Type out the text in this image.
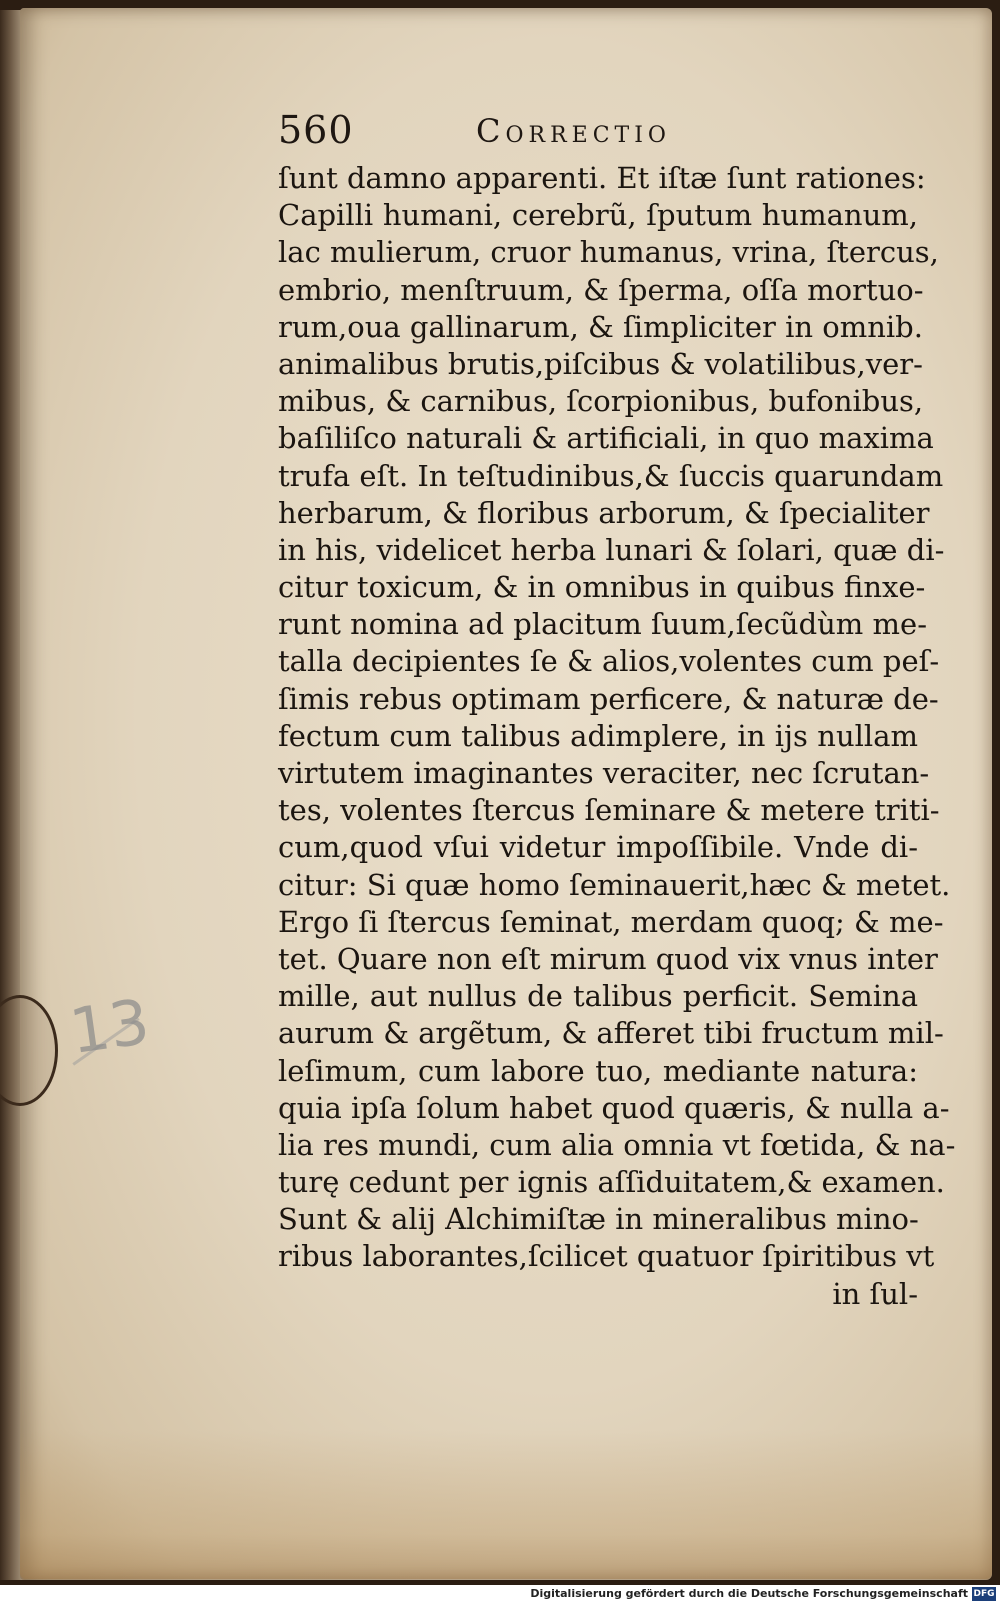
560	Correctio
ſunt damno apparenti. Et iſtæ ſunt rationes:
Capilli humani, cerebrũ, ſputum humanum,
lac mulierum, cruor humanus, vrina, ſtercus,
embrio, menſtruum, & ſperma, oſſa mortuo-
rum,oua gallinarum, & ſimpliciter in omnib.
animalibus brutis,piſcibus & volatilibus,ver-
mibus, & carnibus, ſcorpionibus, bufonibus,
baſiliſco naturali & artificiali, in quo maxima
trufa eſt. In teſtudinibus,& ſuccis quarundam
herbarum, & floribus arborum, & ſpecialiter
in his, videlicet herba lunari & ſolari, quæ di-
citur toxicum, & in omnibus in quibus finxe-
runt nomina ad placitum ſuum,ſecũdùm me-
talla decipientes ſe & alios,volentes cum peſ-
ſimis rebus optimam perficere, & naturæ de-
fectum cum talibus adimplere, in ijs nullam
virtutem imaginantes veraciter, nec ſcrutan-
tes, volentes ſtercus ſeminare & metere triti-
cum,quod vſui videtur impoſſibile. Vnde di-
citur: Si quæ homo ſeminauerit,hæc & metet.
Ergo ſi ſtercus ſeminat, merdam quoq; & me-
tet. Quare non eſt mirum quod vix vnus inter
mille, aut nullus de talibus perficit. Semina
aurum & argẽtum, & afferet tibi fructum mil-
leſimum, cum labore tuo, mediante natura:
quia ipſa ſolum habet quod quæris, & nulla a-
lia res mundi, cum alia omnia vt fœtida, & na-
turę cedunt per ignis aſſiduitatem,& examen.
Sunt & alij Alchimiſtæ in mineralibus mino-
ribus laborantes,ſcilicet quatuor ſpiritibus vt
in ſul-
13
Digitalisierung gefördert durch die Deutsche Forschungsgemeinschaft DFG
